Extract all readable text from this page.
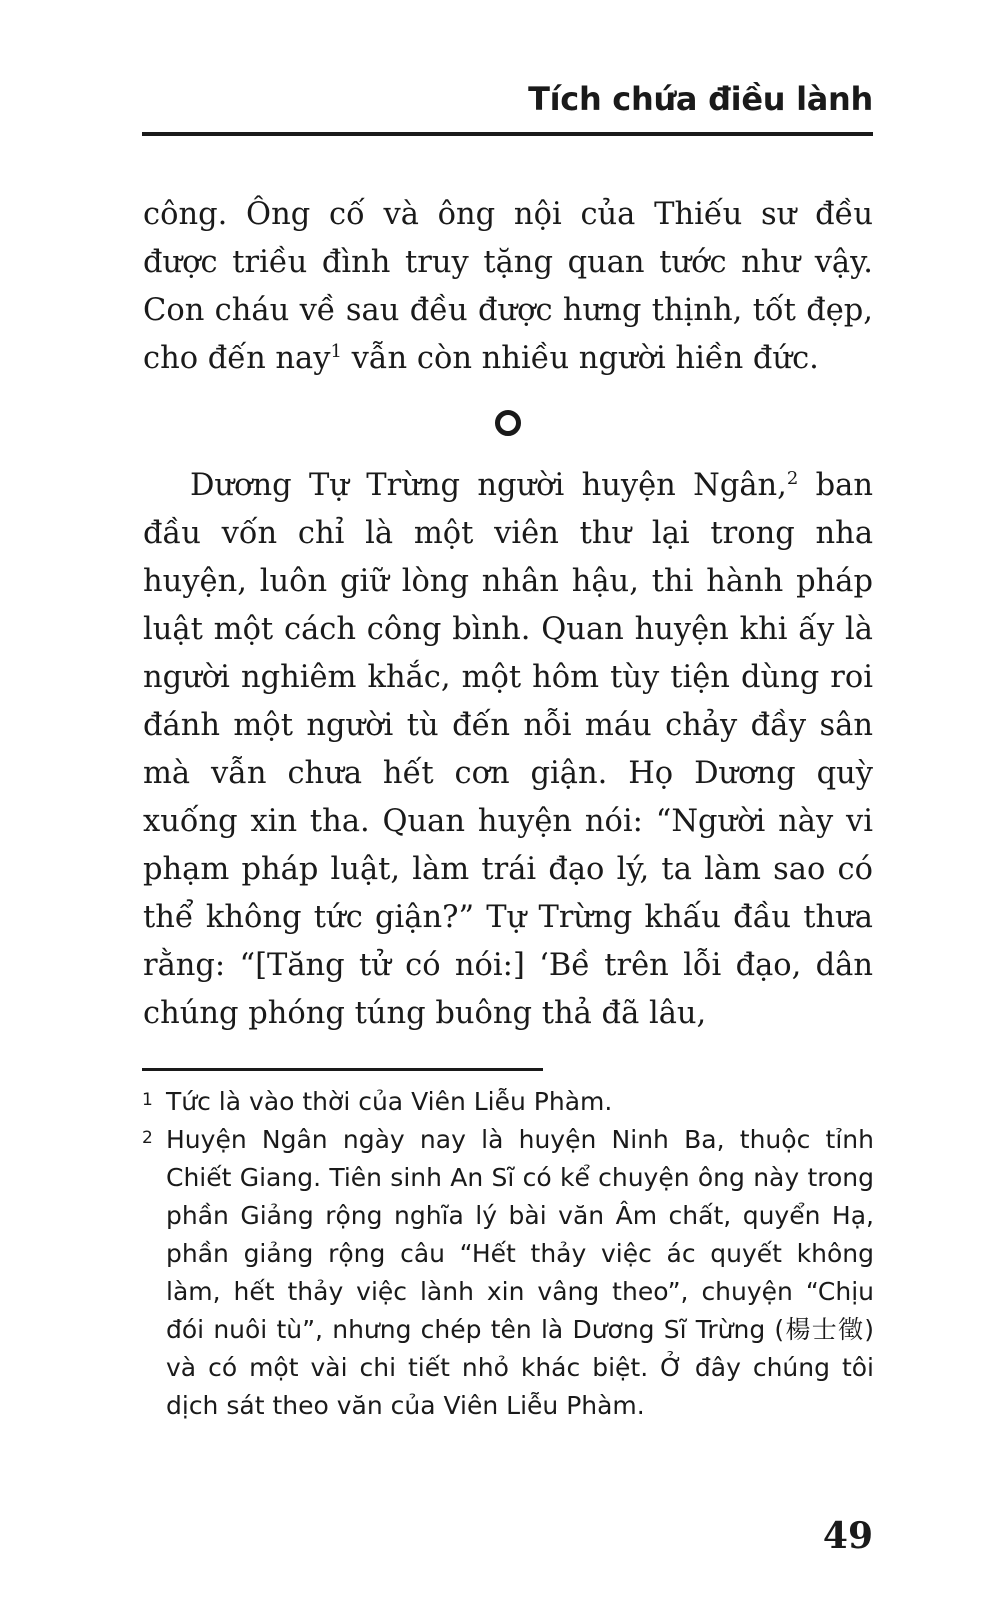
Tích chứa điều lành

công. Ông cố và ông nội của Thiếu sư đều được triều đình truy tặng quan tước như vậy. Con cháu về sau đều được hưng thịnh, tốt đẹp, cho đến nay$^1$ vẫn còn nhiều người hiền đức.

Dương Tự Trừng người huyện Ngân,$^2$ ban đầu vốn chỉ là một viên thư lại trong nha huyện, luôn giữ lòng nhân hậu, thi hành pháp luật một cách công bình. Quan huyện khi ấy là người nghiêm khắc, một hôm tùy tiện dùng roi đánh một người tù đến nỗi máu chảy đầy sân mà vẫn chưa hết cơn giận. Họ Dương quỳ xuống xin tha. Quan huyện nói: “Người này vi phạm pháp luật, làm trái đạo lý, ta làm sao có thể không tức giận?” Tự Trừng khấu đầu thưa rằng: “[Tăng tử có nói:] ‘Bề trên lỗi đạo, dân chúng phóng túng buông thả đã lâu,

1 Tức là vào thời của Viên Liễu Phàm.

2 Huyện Ngân ngày nay là huyện Ninh Ba, thuộc tỉnh Chiết Giang. Tiên sinh An Sĩ có kể chuyện ông này trong phần Giảng rộng nghĩa lý bài văn Âm chất, quyển Hạ, phần giảng rộng câu “Hết thảy việc ác quyết không làm, hết thảy việc lành xin vâng theo”, chuyện “Chịu đói nuôi tù”, nhưng chép tên là Dương Sĩ Trừng (楊士徵) và có một vài chi tiết nhỏ khác biệt. Ở đây chúng tôi dịch sát theo văn của Viên Liễu Phàm.

49
